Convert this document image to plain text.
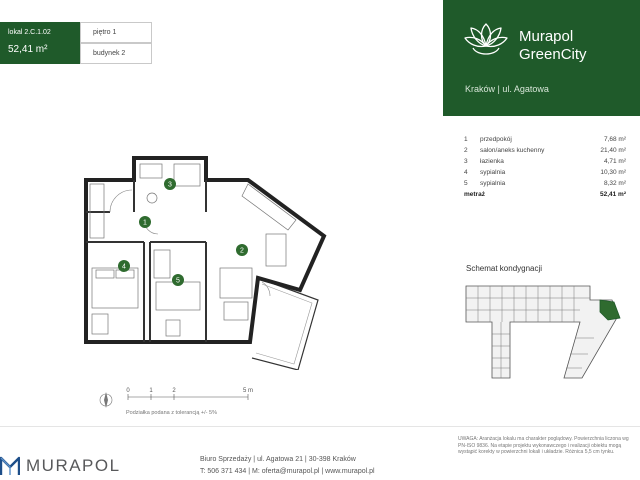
lokal 2.C.1.02
52,41 m²
piętro 1
budynek 2
Murapol
GreenCity
Kraków | ul. Agatowa
1 przedpokój	7,68 m²
2 salon/aneks kuchenny	21,40 m²
3 łazienka	4,71 m²
4 sypialnia	10,30 m²
5 sypialnia	8,32 m²
metraż	52,41 m²
Schemat kondygnacji
1
2
3
4
5
0	1	2	5 m
Podziałka podana z tolerancją +/- 5%
MURAPOL	Biuro Sprzedaży | ul. Agatowa 21 | 30-398 Kraków
T: 506 371 434 | M: oferta@murapol.pl | www.murapol.pl
UWAGA: Aranżacja lokalu ma charakter poglądowy. Powierzchnia liczona wg PN-ISO 9836. Na etapie projektu wykonawczego i realizacji obiektu mogą wystąpić korekty w powierzchni lokali i układzie. Różnica 5,5 cm tynku.
